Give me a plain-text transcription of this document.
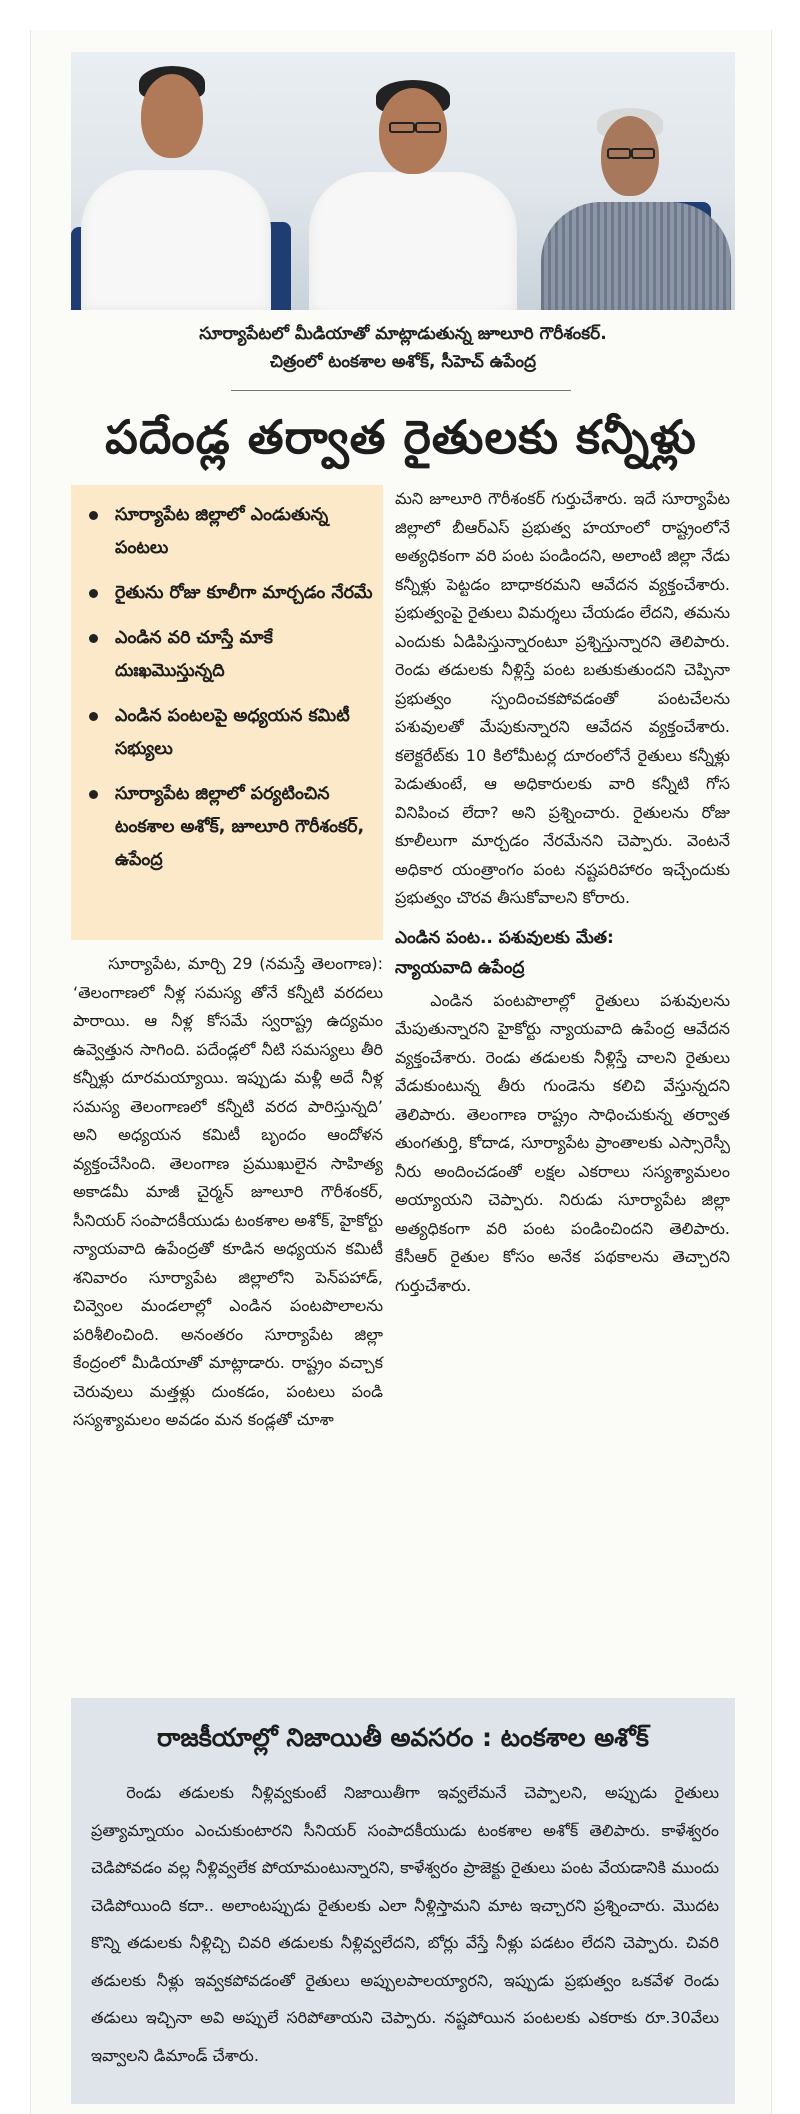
సూర్యాపేటలో మీడియాతో మాట్లాడుతున్న జూలూరి గౌరీశంకర్.
చిత్రంలో టంకశాల అశోక్, సీహెచ్ ఉపేంద్ర
పదేండ్ల తర్వాత రైతులకు కన్నీళ్లు
సూర్యాపేట జిల్లాలో ఎండుతున్న పంటలు
రైతును రోజు కూలీగా మార్చడం నేరమే
ఎండిన వరి చూస్తే మాకే దుఃఖమొస్తున్నది
ఎండిన పంటలపై అధ్యయన కమిటీ సభ్యులు
సూర్యాపేట జిల్లాలో పర్యటించిన టంకశాల అశోక్, జూలూరి గౌరీశంకర్, ఉపేంద్ర

సూర్యాపేట, మార్చి 29 (నమస్తే తెలంగాణ): ‘తెలంగాణలో నీళ్ల సమస్య తోనే కన్నీటి వరదలు పారాయి. ఆ నీళ్ల కోసమే స్వరాష్ట్ర ఉద్యమం ఉవ్వెత్తున సాగింది. పదేండ్లలో నీటి సమస్యలు తీరి కన్నీళ్లు దూరమయ్యాయి. ఇప్పుడు మళ్లీ అదే నీళ్ల సమస్య తెలంగాణలో కన్నీటి వరద పారిస్తున్నది’ అని అధ్యయన కమిటీ బృందం ఆందోళన వ్యక్తంచేసింది. తెలంగాణ ప్రముఖులైన సాహిత్య అకాడమీ మాజీ చైర్మన్ జూలూరి గౌరీశంకర్, సీనియర్ సంపాదకీయుడు టంకశాల అశోక్, హైకోర్టు న్యాయవాది ఉపేంద్రతో కూడిన అధ్యయన కమిటీ శనివారం సూర్యాపేట జిల్లాలోని పెన్‌పహాడ్, చివ్వెంల మండలాల్లో ఎండిన పంటపొలాలను పరిశీలించింది. అనంతరం సూర్యాపేట జిల్లా కేంద్రంలో మీడియాతో మాట్లాడారు. రాష్ట్రం వచ్చాక చెరువులు మత్తళ్లు దుంకడం, పంటలు పండి సస్యశ్యామలం అవడం మన కండ్లతో చూశా

మని జూలూరి గౌరీశంకర్ గుర్తుచేశారు. ఇదే సూర్యాపేట జిల్లాలో బీఆర్ఎస్ ప్రభుత్వ హయాంలో రాష్ట్రంలోనే అత్యధికంగా వరి పంట పండిందని, అలాంటి జిల్లా నేడు కన్నీళ్లు పెట్టడం బాధాకరమని ఆవేదన వ్యక్తంచేశారు. ప్రభుత్వంపై రైతులు విమర్శలు చేయడం లేదని, తమను ఎందుకు ఏడిపిస్తున్నారంటూ ప్రశ్నిస్తున్నారని తెలిపారు. రెండు తడులకు నీళ్లిస్తే పంట బతుకుతుందని చెప్పినా ప్రభుత్వం స్పందించకపోవడంతో పంటచేలను పశువులతో మేపుకున్నారని ఆవేదన వ్యక్తంచేశారు. కలెక్టరేట్‌కు 10 కిలోమీటర్ల దూరంలోనే రైతులు కన్నీళ్లు పెడుతుంటే, ఆ అధికారులకు వారి కన్నీటి గోస వినిపించ లేదా? అని ప్రశ్నించారు. రైతులను రోజు కూలీలుగా మార్చడం నేరమేనని చెప్పారు. వెంటనే అధికార యంత్రాంగం పంట నష్టపరిహారం ఇచ్చేందుకు ప్రభుత్వం చొరవ తీసుకోవాలని కోరారు.

ఎండిన పంట.. పశువులకు మేత:
న్యాయవాది ఉపేంద్ర

ఎండిన పంటపొలాల్లో రైతులు పశువులను మేపుతున్నారని హైకోర్టు న్యాయవాది ఉపేంద్ర ఆవేదన వ్యక్తంచేశారు. రెండు తడులకు నీళ్లిస్తే చాలని రైతులు వేడుకుంటున్న తీరు గుండెను కలిచి వేస్తున్నదని తెలిపారు. తెలంగాణ రాష్ట్రం సాధించుకున్న తర్వాత తుంగతుర్తి, కోదాడ, సూర్యాపేట ప్రాంతాలకు ఎస్సారెస్పీ నీరు అందించడంతో లక్షల ఎకరాలు సస్యశ్యామలం అయ్యాయని చెప్పారు. నిరుడు సూర్యాపేట జిల్లా అత్యధికంగా వరి పంట పండించిందని తెలిపారు. కేసీఆర్ రైతుల కోసం అనేక పథకాలను తెచ్చారని గుర్తుచేశారు.

రాజకీయాల్లో నిజాయితీ అవసరం : టంకశాల అశోక్
రెండు తడులకు నీళ్లివ్వకుంటే నిజాయితీగా ఇవ్వలేమనే చెప్పాలని, అప్పుడు రైతులు ప్రత్యామ్నాయం ఎంచుకుంటారని సీనియర్ సంపాదకీయుడు టంకశాల అశోక్ తెలిపారు. కాళేశ్వరం చెడిపోవడం వల్ల నీళ్లివ్వలేక పోయామంటున్నారని, కాళేశ్వరం ప్రాజెక్టు రైతులు పంట వేయడానికి ముందు చెడిపోయింది కదా.. అలాంటప్పుడు రైతులకు ఎలా నీళ్లిస్తామని మాట ఇచ్చారని ప్రశ్నించారు. మొదట కొన్ని తడులకు నీళ్లిచ్చి చివరి తడులకు నీళ్లివ్వలేదని, బోర్లు వేస్తే నీళ్లు పడటం లేదని చెప్పారు. చివరి తడులకు నీళ్లు ఇవ్వకపోవడంతో రైతులు అప్పులపాలయ్యారని, ఇప్పుడు ప్రభుత్వం ఒకవేళ రెండు తడులు ఇచ్చినా అవి అప్పులే సరిపోతాయని చెప్పారు. నష్టపోయిన పంటలకు ఎకరాకు రూ.30వేలు ఇవ్వాలని డిమాండ్ చేశారు.
